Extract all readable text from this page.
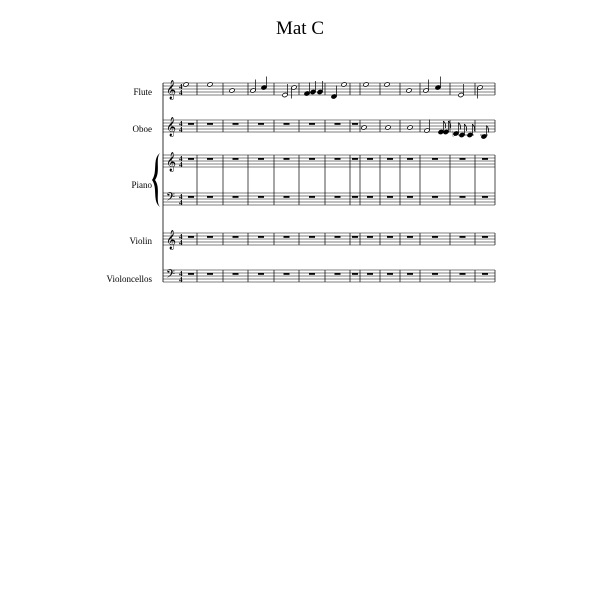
Mat C
Flute
Oboe
Piano
Violin
Violoncellos
𝄞 4
4
𝄞 4
4
𝄞 4
4
𝄢 4
4
𝄞 4
4
𝄢 4
4
♭
